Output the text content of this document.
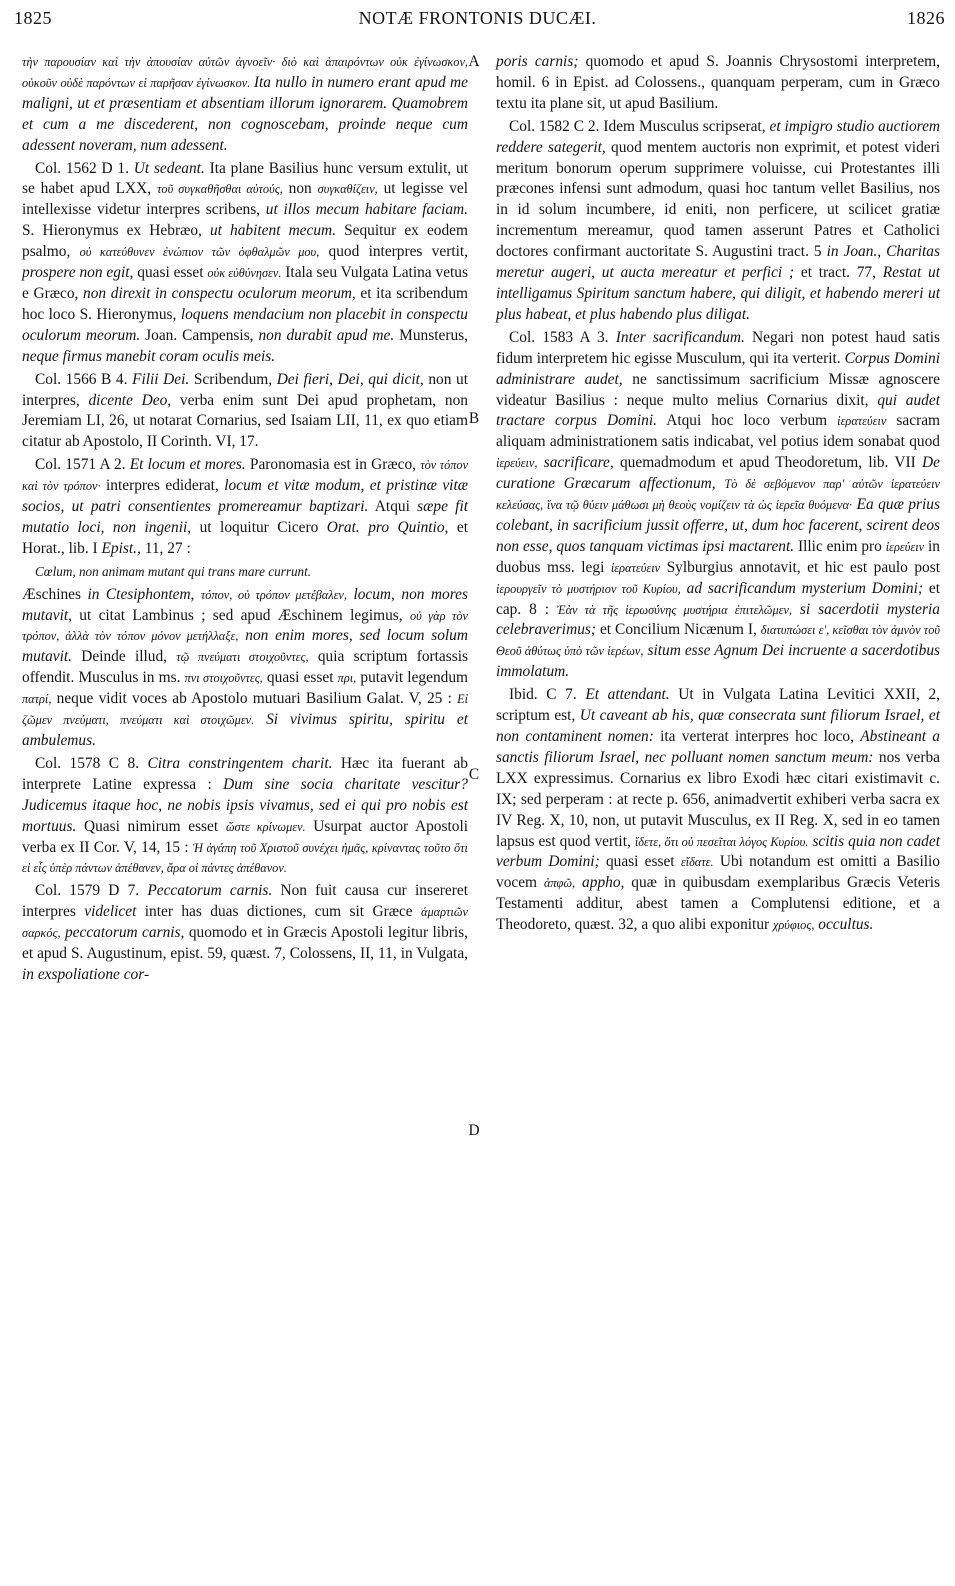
1825	NOTÆ FRONTONIS DUCÆI.	1826
A
B
C
D

τὴν παρουσίαν καὶ τὴν ἀπουσίαν αὐτῶν ἀγνοεῖν· διὸ καὶ ἀπαιρόντων οὐκ ἐγίνωσκον, οὐκοῦν οὐδὲ παρόντων εἰ παρῆσαν ἐγίνωσκον. Ita nullo in numero erant apud me maligni, ut et præsentiam et absentiam illorum ignorarem. Quamobrem et cum a me discederent, non cognoscebam, proinde neque cum adessent noveram, num adessent.

Col. 1562 D 1. Ut sedeant. Ita plane Basilius hunc versum extulit, ut se habet apud LXX, τοῦ συγκαθῆσθαι αὐτούς, non συγκαθίζειν, ut legisse vel intellexisse videtur interpres scribens, ut illos mecum habitare faciam. S. Hieronymus ex Hebræo, ut habitent mecum. Sequitur ex eodem psalmo, οὐ κατεύθυνεν ἐνώπιον τῶν ὀφθαλμῶν μου, quod interpres vertit, prospere non egit, quasi esset οὐκ εὐθύνησεν. Itala seu Vulgata Latina vetus e Græco, non direxit in conspectu oculorum meorum, et ita scribendum hoc loco S. Hieronymus, loquens mendacium non placebit in conspectu oculorum meorum. Joan. Campensis, non durabit apud me. Munsterus, neque firmus manebit coram oculis meis.

Col. 1566 B 4. Filii Dei. Scribendum, Dei fieri, Dei, qui dicit, non ut interpres, dicente Deo, verba enim sunt Dei apud prophetam, non Jeremiam LI, 26, ut notarat Cornarius, sed Isaiam LII, 11, ex quo etiam citatur ab Apostolo, II Corinth. VI, 17.

Col. 1571 A 2. Et locum et mores. Paronomasia est in Græco, τὸν τόπον καὶ τὸν τρόπον· interpres ediderat, locum et vitæ modum, et pristinæ vitæ socios, ut patri consentientes promereamur baptizari. Atqui sæpe fit mutatio loci, non ingenii, ut loquitur Cicero Orat. pro Quintio, et Horat., lib. I Epist., 11, 27 :

Cœlum, non animam mutant qui trans mare currunt.

Æschines in Ctesiphontem, τόπον, οὐ τρόπον μετέβαλεν, locum, non mores mutavit, ut citat Lambinus ; sed apud Æschinem legimus, οὐ γὰρ τὸν τρόπον, ἀλλὰ τὸν τόπον μόνον μετήλλαξε, non enim mores, sed locum solum mutavit. Deinde illud, τῷ πνεύματι στοιχοῦντες, quia scriptum fortassis offendit. Musculus in ms. πνι στοιχοῦντες, quasi esset πρι, putavit legendum πατρί, neque vidit voces ab Apostolo mutuari Basilium Galat. V, 25 : Εἰ ζῶμεν πνεύματι, πνεύματι καὶ στοιχῶμεν. Si vivimus spiritu, spiritu et ambulemus.

Col. 1578 C 8. Citra constringentem charit. Hæc ita fuerant ab interprete Latine expressa : Dum sine socia charitate vescitur? Judicemus itaque hoc, ne nobis ipsis vivamus, sed ei qui pro nobis est mortuus. Quasi nimirum esset ὥστε κρίνωμεν. Usurpat auctor Apostoli verba ex II Cor. V, 14, 15 : Ἡ ἀγάπη τοῦ Χριστοῦ συνέχει ἡμᾶς, κρίναντας τοῦτο ὅτι εἰ εἷς ὑπὲρ πάντων ἀπέθανεν, ἄρα οἱ πάντες ἀπέθανον.

Col. 1579 D 7. Peccatorum carnis. Non fuit causa cur insereret interpres videlicet inter has duas dictiones, cum sit Græce ἁμαρτιῶν σαρκός, peccatorum carnis, quomodo et in Græcis Apostoli legitur libris, et apud S. Augustinum, epist. 59, quæst. 7, Colossens, II, 11, in Vulgata, in exspoliatione cor-

poris carnis; quomodo et apud S. Joannis Chrysostomi interpretem, homil. 6 in Epist. ad Colossens., quanquam perperam, cum in Græco textu ita plane sit, ut apud Basilium.

Col. 1582 C 2. Idem Musculus scripserat, et impigro studio auctiorem reddere sategerit, quod mentem auctoris non exprimit, et potest videri meritum bonorum operum supprimere voluisse, cui Protestantes illi præcones infensi sunt admodum, quasi hoc tantum vellet Basilius, nos in id solum incumbere, id eniti, non perficere, ut scilicet gratiæ incrementum mereamur, quod tamen asserunt Patres et Catholici doctores confirmant auctoritate S. Augustini tract. 5 in Joan., Charitas meretur augeri, ut aucta mereatur et perfici ; et tract. 77, Restat ut intelligamus Spiritum sanctum habere, qui diligit, et habendo mereri ut plus habeat, et plus habendo plus diligat.

Col. 1583 A 3. Inter sacrificandum. Negari non potest haud satis fidum interpretem hic egisse Musculum, qui ita verterit. Corpus Domini administrare audet, ne sanctissimum sacrificium Missæ agnoscere videatur Basilius : neque multo melius Cornarius dixit, qui audet tractare corpus Domini. Atqui hoc loco verbum ἱερατεύειν sacram aliquam administrationem satis indicabat, vel potius idem sonabat quod ἱερεύειν, sacrificare, quemadmodum et apud Theodoretum, lib. VII De curatione Græcarum affectionum, Τὸ δὲ σεβόμενον παρ' αὐτῶν ἱερατεύειν κελεύσας, ἵνα τῷ θύειν μάθωσι μὴ θεοὺς νομίζειν τὰ ὡς ἱερεῖα θυόμενα· Ea quæ prius colebant, in sacrificium jussit offerre, ut, dum hoc facerent, scirent deos non esse, quos tanquam victimas ipsi mactarent. Illic enim pro ἱερεύειν in duobus mss. legi ἱερατεύειν Sylburgius annotavit, et hic est paulo post ἱερουργεῖν τὸ μυστήριον τοῦ Κυρίου, ad sacrificandum mysterium Domini; et cap. 8 : Ἐὰν τὰ τῆς ἱερωσύνης μυστήρια ἐπιτελῶμεν, si sacerdotii mysteria celebraverimus; et Concilium Nicænum I, διατυπώσει ε', κεῖσθαι τὸν ἀμνὸν τοῦ Θεοῦ ἀθύτως ὑπὸ τῶν ἱερέων, situm esse Agnum Dei incruente a sacerdotibus immolatum.

Ibid. C 7. Et attendant. Ut in Vulgata Latina Levitici XXII, 2, scriptum est, Ut caveant ab his, quæ consecrata sunt filiorum Israel, et non contaminent nomen: ita verterat interpres hoc loco, Abstineant a sanctis filiorum Israel, nec polluant nomen sanctum meum: nos verba LXX expressimus. Cornarius ex libro Exodi hæc citari existimavit c. IX; sed perperam : at recte p. 656, animadvertit exhiberi verba sacra ex IV Reg. X, 10, non, ut putavit Musculus, ex II Reg. X, sed in eo tamen lapsus est quod vertit, ἴδετε, ὅτι οὐ πεσεῖται λόγος Κυρίου. scitis quia non cadet verbum Domini; quasi esset εἴδατε. Ubi notandum est omitti a Basilio vocem ἀπφῶ, appho, quæ in quibusdam exemplaribus Græcis Veteris Testamenti additur, abest tamen a Complutensi editione, et a Theodoreto, quæst. 32, a quo alibi exponitur χρύφιος, occultus.
